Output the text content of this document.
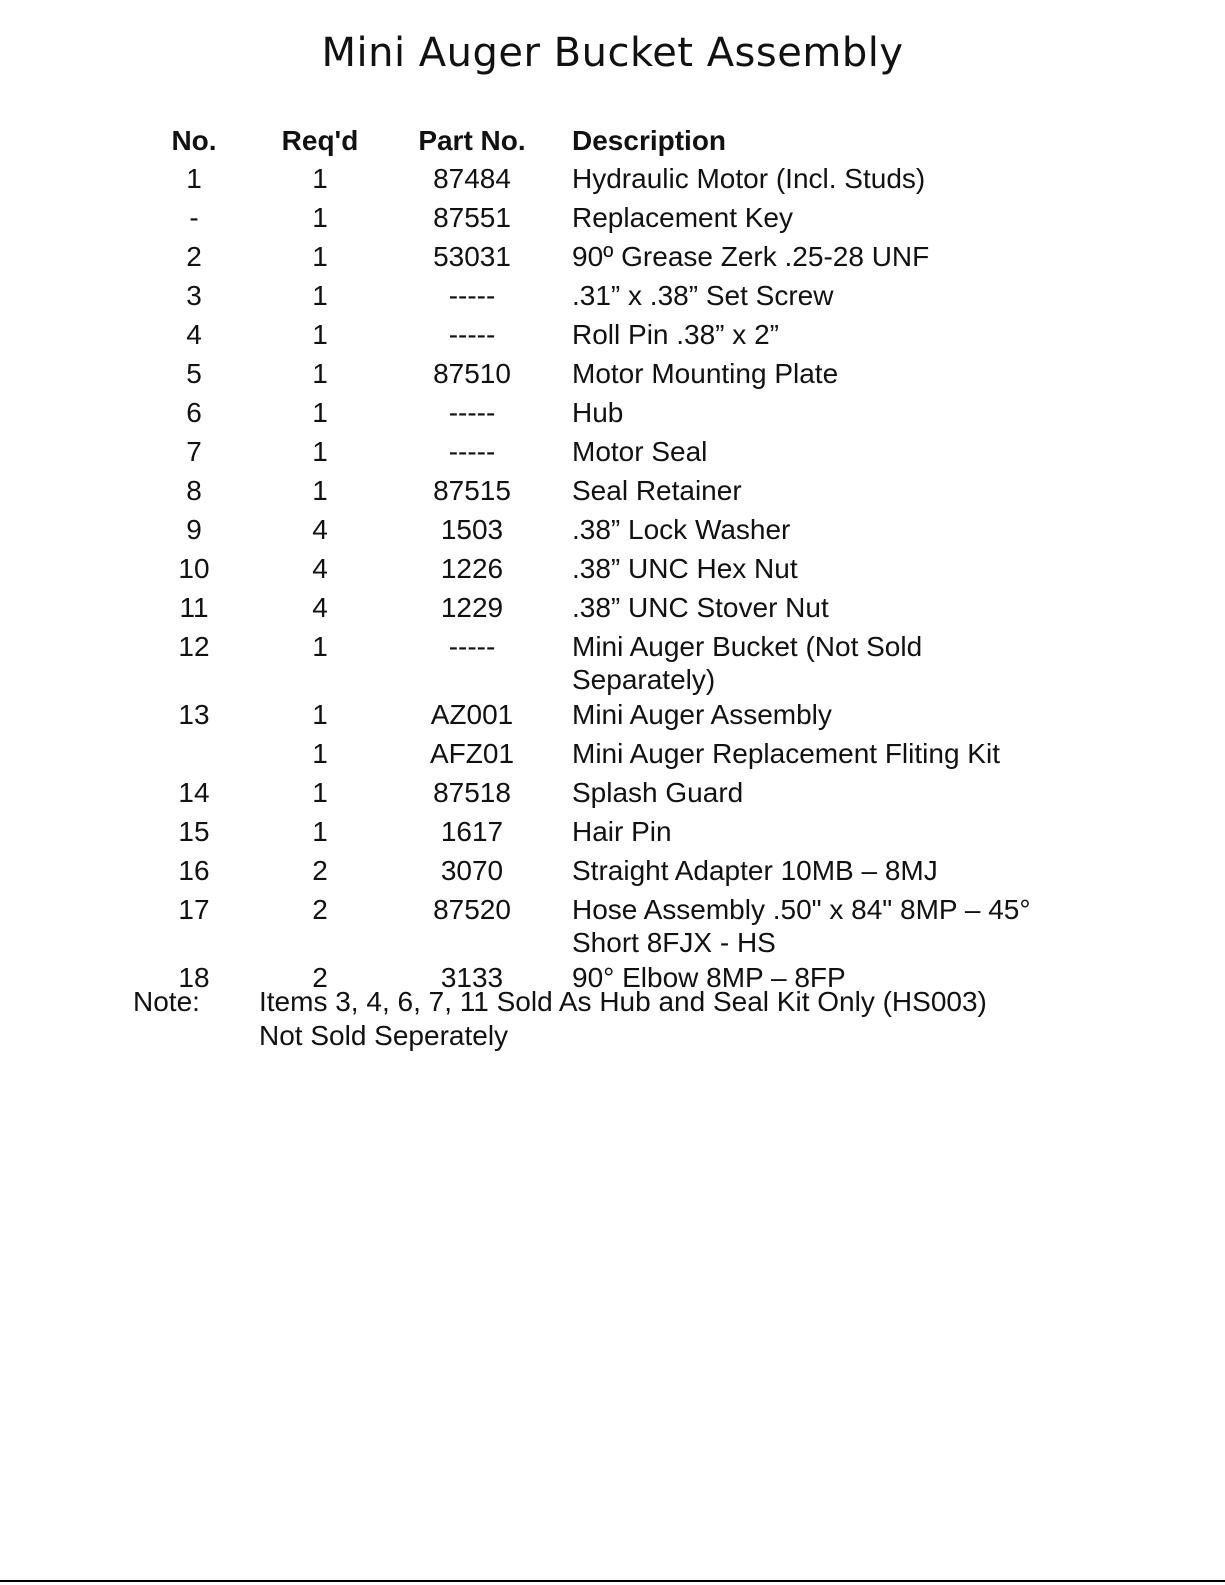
Mini Auger Bucket Assembly
No.	Req'd	Part No.		Description
1	1	87484		Hydraulic Motor (Incl. Studs)
-	1	87551		Replacement Key
2	1	53031		90º Grease Zerk .25-28 UNF
3	1	-----		.31” x .38” Set Screw
4	1	-----		Roll Pin .38” x 2”
5	1	87510		Motor Mounting Plate
6	1	-----		Hub
7	1	-----		Motor Seal
8	1	87515		Seal Retainer
9	4	1503		.38” Lock Washer
10	4	1226		.38” UNC Hex Nut
11	4	1229		.38” UNC Stover Nut
12	1	-----		Mini Auger Bucket (Not Sold Separately)
13	1	AZ001		Mini Auger Assembly
	1	AFZ01		Mini Auger Replacement Fliting Kit
14	1	87518		Splash Guard
15	1	1617		Hair Pin
16	2	3070		Straight Adapter 10MB – 8MJ
17	2	87520		Hose Assembly .50" x 84" 8MP – 45° Short 8FJX - HS
18	2	3133		90° Elbow 8MP – 8FP
Note:	Items 3, 4, 6, 7, 11 Sold As Hub and Seal Kit Only (HS003)
Not Sold Seperately
